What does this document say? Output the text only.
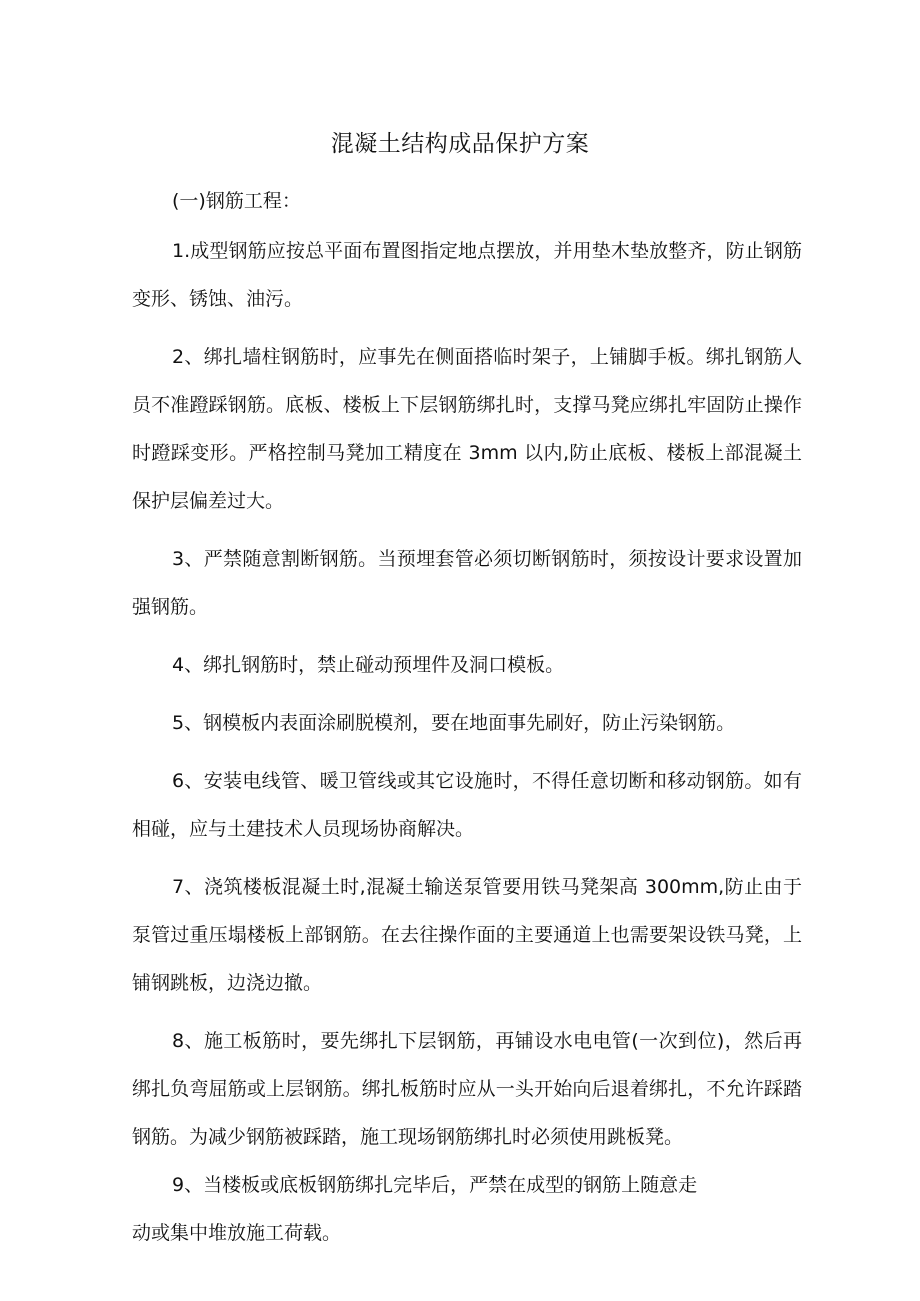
混凝土结构成品保护方案

(一)钢筋工程：

1.成型钢筋应按总平面布置图指定地点摆放，并用垫木垫放整齐，防止钢筋变形、锈蚀、油污。

2、绑扎墙柱钢筋时，应事先在侧面搭临时架子，上铺脚手板。绑扎钢筋人员不准蹬踩钢筋。底板、楼板上下层钢筋绑扎时，支撑马凳应绑扎牢固防止操作时蹬踩变形。严格控制马凳加工精度在 3mm 以内,防止底板、楼板上部混凝土保护层偏差过大。

3、严禁随意割断钢筋。当预埋套管必须切断钢筋时，须按设计要求设置加强钢筋。

4、绑扎钢筋时，禁止碰动预埋件及洞口模板。

5、钢模板内表面涂刷脱模剂，要在地面事先刷好，防止污染钢筋。

6、安装电线管、暖卫管线或其它设施时，不得任意切断和移动钢筋。如有相碰，应与土建技术人员现场协商解决。

7、浇筑楼板混凝土时,混凝土输送泵管要用铁马凳架高 300mm,防止由于泵管过重压塌楼板上部钢筋。在去往操作面的主要通道上也需要架设铁马凳，上铺钢跳板，边浇边撤。

8、施工板筋时，要先绑扎下层钢筋，再铺设水电电管(一次到位)，然后再绑扎负弯屈筋或上层钢筋。绑扎板筋时应从一头开始向后退着绑扎，不允许踩踏钢筋。为减少钢筋被踩踏，施工现场钢筋绑扎时必须使用跳板凳。

9、当楼板或底板钢筋绑扎完毕后，严禁在成型的钢筋上随意走

动或集中堆放施工荷载。
